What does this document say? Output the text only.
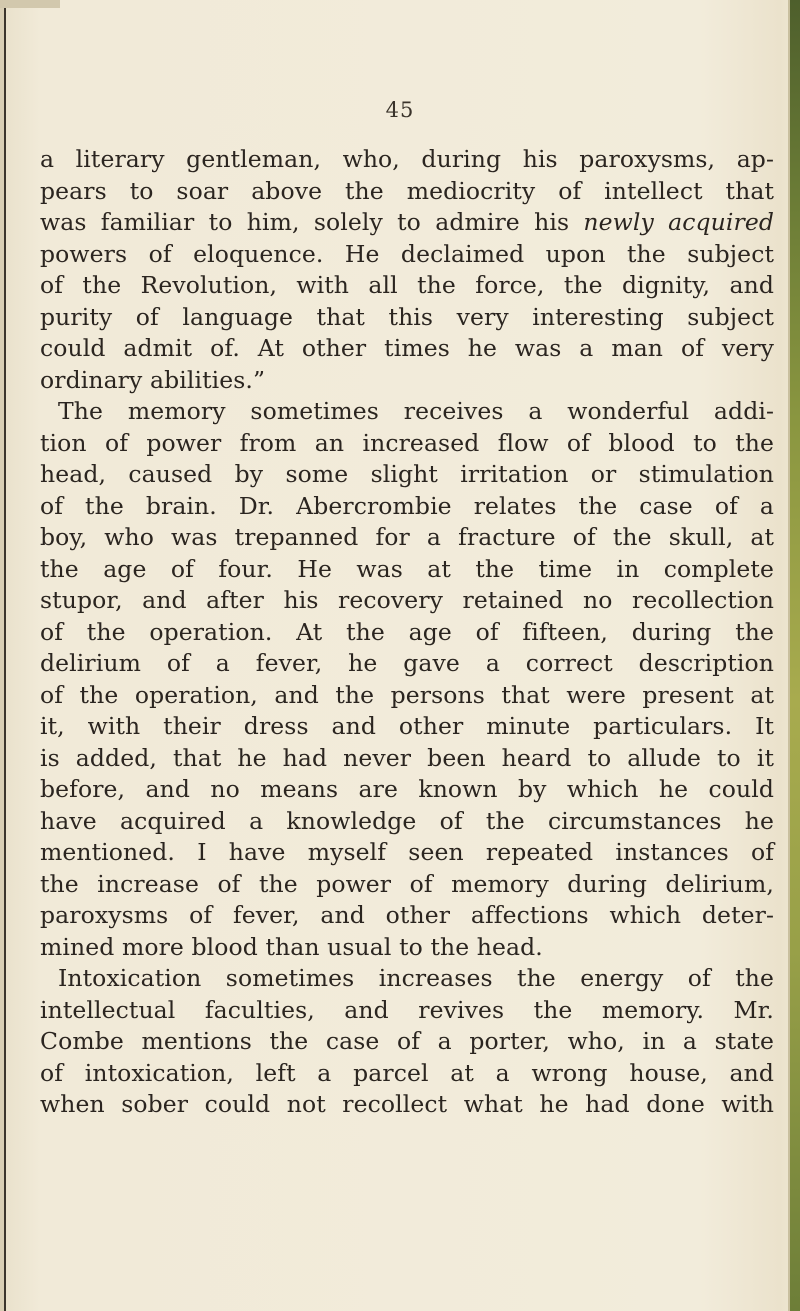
45
a literary gentleman, who, during his paroxysms, ap-
pears to soar above the mediocrity of intellect that
was familiar to him, solely to admire his newly acquired
powers of eloquence. He declaimed upon the subject
of the Revolution, with all the force, the dignity, and
purity of language that this very interesting subject
could admit of. At other times he was a man of very
ordinary abilities.”
The memory sometimes receives a wonderful addi-
tion of power from an increased flow of blood to the
head, caused by some slight irritation or stimulation
of the brain. Dr. Abercrombie relates the case of a
boy, who was trepanned for a fracture of the skull, at
the age of four. He was at the time in complete
stupor, and after his recovery retained no recollection
of the operation. At the age of fifteen, during the
delirium of a fever, he gave a correct description
of the operation, and the persons that were present at
it, with their dress and other minute particulars. It
is added, that he had never been heard to allude to it
before, and no means are known by which he could
have acquired a knowledge of the circumstances he
mentioned. I have myself seen repeated instances of
the increase of the power of memory during delirium,
paroxysms of fever, and other affections which deter-
mined more blood than usual to the head.
Intoxication sometimes increases the energy of the
intellectual faculties, and revives the memory. Mr.
Combe mentions the case of a porter, who, in a state
of intoxication, left a parcel at a wrong house, and
when sober could not recollect what he had done with
